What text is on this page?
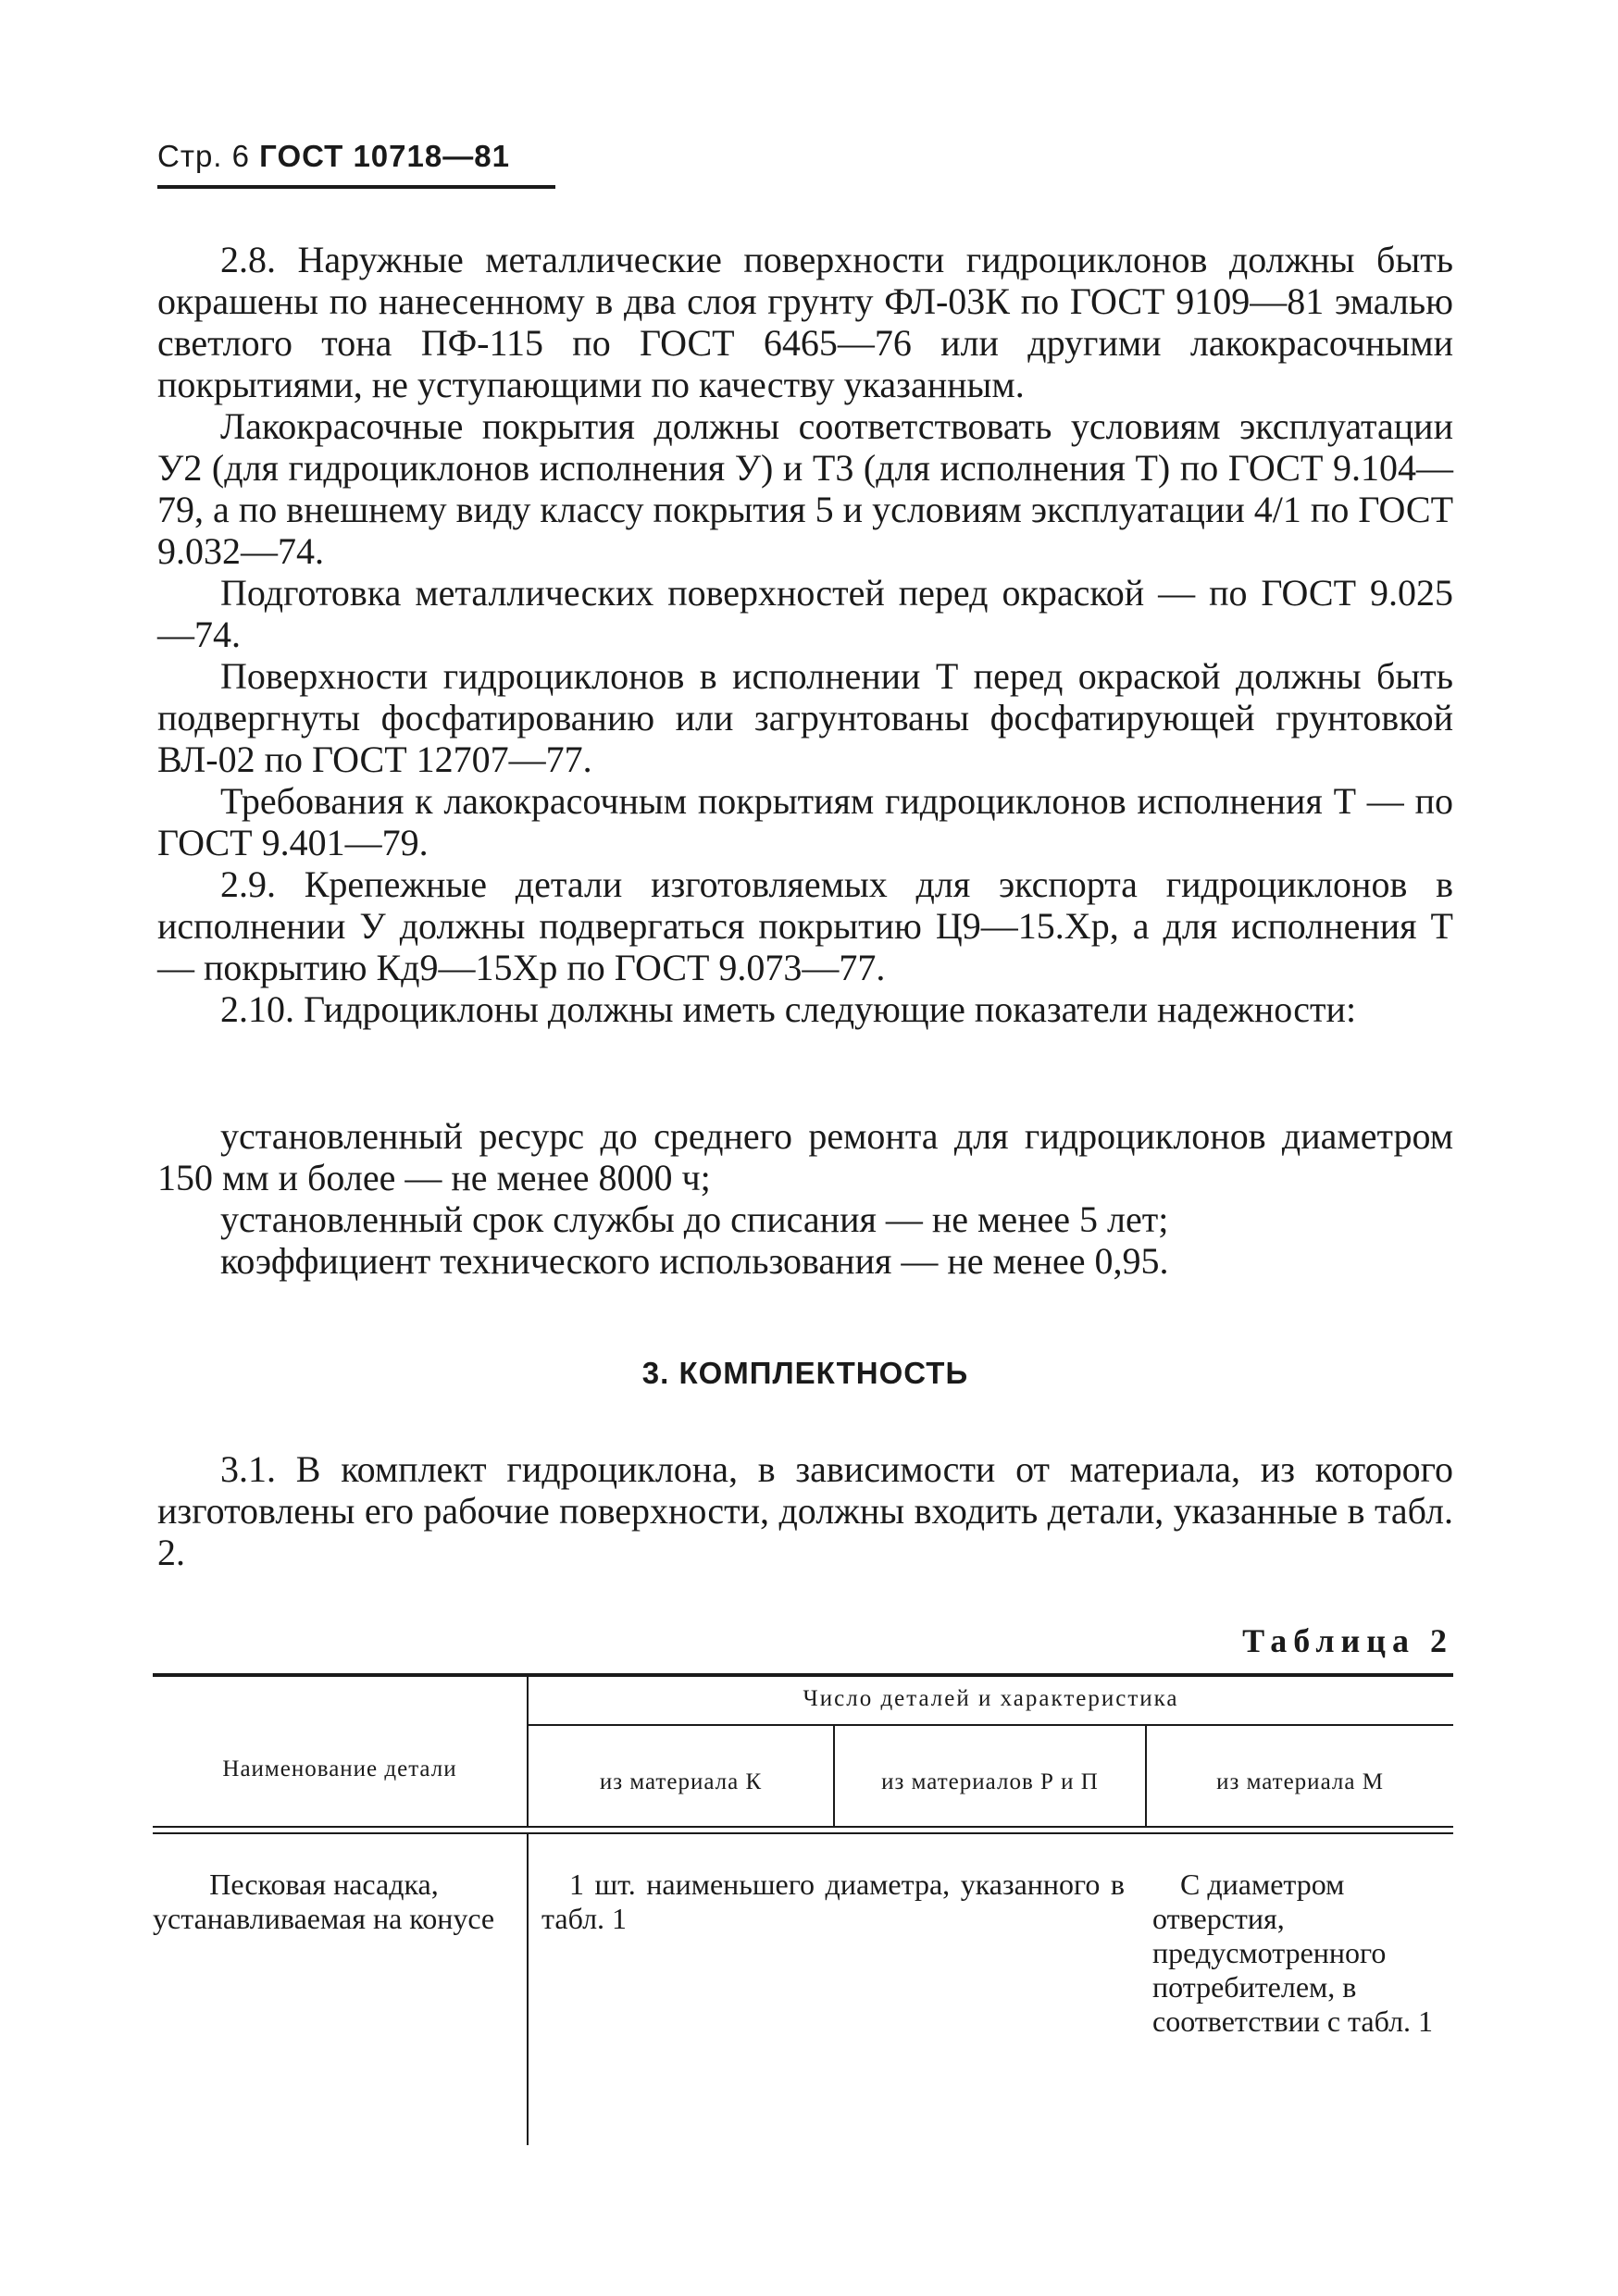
Стр. 6 ГОСТ 10718—81

2.8. Наружные металлические поверхности гидроциклонов должны быть окрашены по нанесенному в два слоя грунту ФЛ-03К по ГОСТ 9109—81 эмалью светлого тона ПФ-115 по ГОСТ 6465—76 или другими лакокрасочными покрытиями, не уступающими по качеству указанным.

Лакокрасочные покрытия должны соответствовать условиям эксплуатации У2 (для гидроциклонов исполнения У) и Т3 (для исполнения Т) по ГОСТ 9.104—79, а по внешнему виду классу покрытия 5 и условиям эксплуатации 4/1 по ГОСТ 9.032—74.

Подготовка металлических поверхностей перед окраской — по ГОСТ 9.025—74.

Поверхности гидроциклонов в исполнении Т перед окраской должны быть подвергнуты фосфатированию или загрунтованы фосфатирующей грунтовкой ВЛ-02 по ГОСТ 12707—77.

Требования к лакокрасочным покрытиям гидроциклонов исполнения Т — по ГОСТ 9.401—79.

2.9. Крепежные детали изготовляемых для экспорта гидроциклонов в исполнении У должны подвергаться покрытию Ц9—15.Хр, а для исполнения Т — покрытию Кд9—15Хр по ГОСТ 9.073—77.

2.10. Гидроциклоны должны иметь следующие показатели надежности:

установленный ресурс до среднего ремонта для гидроциклонов диаметром 150 мм и более — не менее 8000 ч;

установленный срок службы до списания — не менее 5 лет;

коэффициент технического использования — не менее 0,95.

3. КОМПЛЕКТНОСТЬ

3.1. В комплект гидроциклона, в зависимости от материала, из которого изготовлены его рабочие поверхности, должны входить детали, указанные в табл. 2.

Таблица 2
Наименование детали
Число деталей и характеристика
из материала К	из материалов Р и П	из материала М
Песковая насадка,
устанавливаемая на конусе
1 шт. наименьшего диаметра, указанного в табл. 1
С диаметром
отверстия, предусмотренного потребителем, в соответствии с табл. 1
